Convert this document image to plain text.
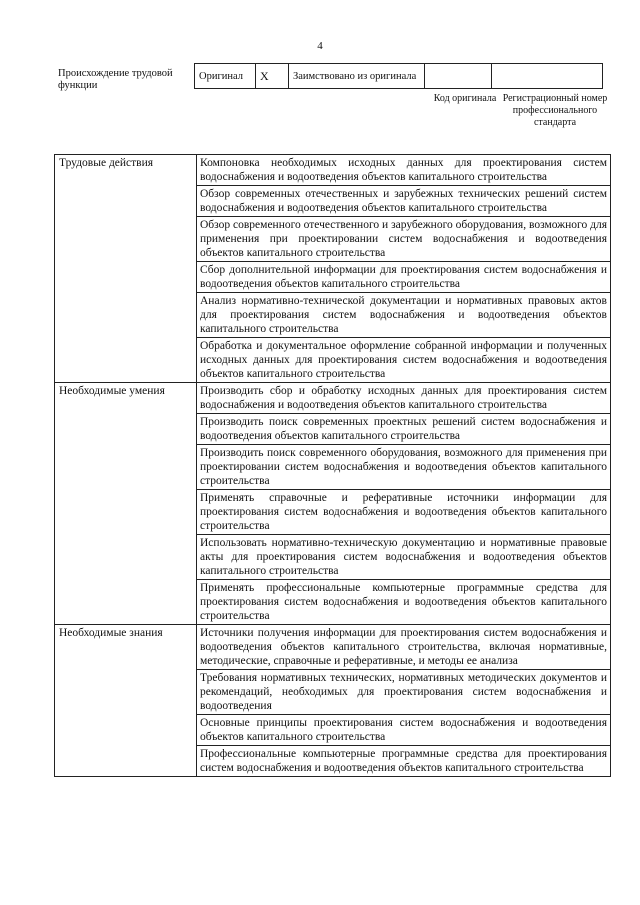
4
Происхождение трудовой функции
Оригинал	X	Заимствовано из оригинала		
Код оригинала Регистрационный номер профессионального стандарта
Трудовые действия	Компоновка необходимых исходных данных для проектирования систем водоснабжения и водоотведения объектов капитального строительства
	Обзор современных отечественных и зарубежных технических решений систем водоснабжения и водоотведения объектов капитального строительства
	Обзор современного отечественного и зарубежного оборудования, возможного для применения при проектировании систем водоснабжения и водоотведения объектов капитального строительства
	Сбор дополнительной информации для проектирования систем водоснабжения и водоотведения объектов капитального строительства
	Анализ нормативно-технической документации и нормативных правовых актов для проектирования систем водоснабжения и водоотведения объектов капитального строительства
	Обработка и документальное оформление собранной информации и полученных исходных данных для проектирования систем водоснабжения и водоотведения объектов капитального строительства
Необходимые умения	Производить сбор и обработку исходных данных для проектирования систем водоснабжения и водоотведения объектов капитального строительства
	Производить поиск современных проектных решений систем водоснабжения и водоотведения объектов капитального строительства
	Производить поиск современного оборудования, возможного для применения при проектировании систем водоснабжения и водоотведения объектов капитального строительства
	Применять справочные и реферативные источники информации для проектирования систем водоснабжения и водоотведения объектов капитального строительства
	Использовать нормативно-техническую документацию и нормативные правовые акты для проектирования систем водоснабжения и водоотведения объектов капитального строительства
	Применять профессиональные компьютерные программные средства для проектирования систем водоснабжения и водоотведения объектов капитального строительства
Необходимые знания	Источники получения информации для проектирования систем водоснабжения и водоотведения объектов капитального строительства, включая нормативные, методические, справочные и реферативные, и методы ее анализа
	Требования нормативных технических, нормативных методических документов и рекомендаций, необходимых для проектирования систем водоснабжения и водоотведения
	Основные принципы проектирования систем водоснабжения и водоотведения объектов капитального строительства
	Профессиональные компьютерные программные средства для проектирования систем водоснабжения и водоотведения объектов капитального строительства
